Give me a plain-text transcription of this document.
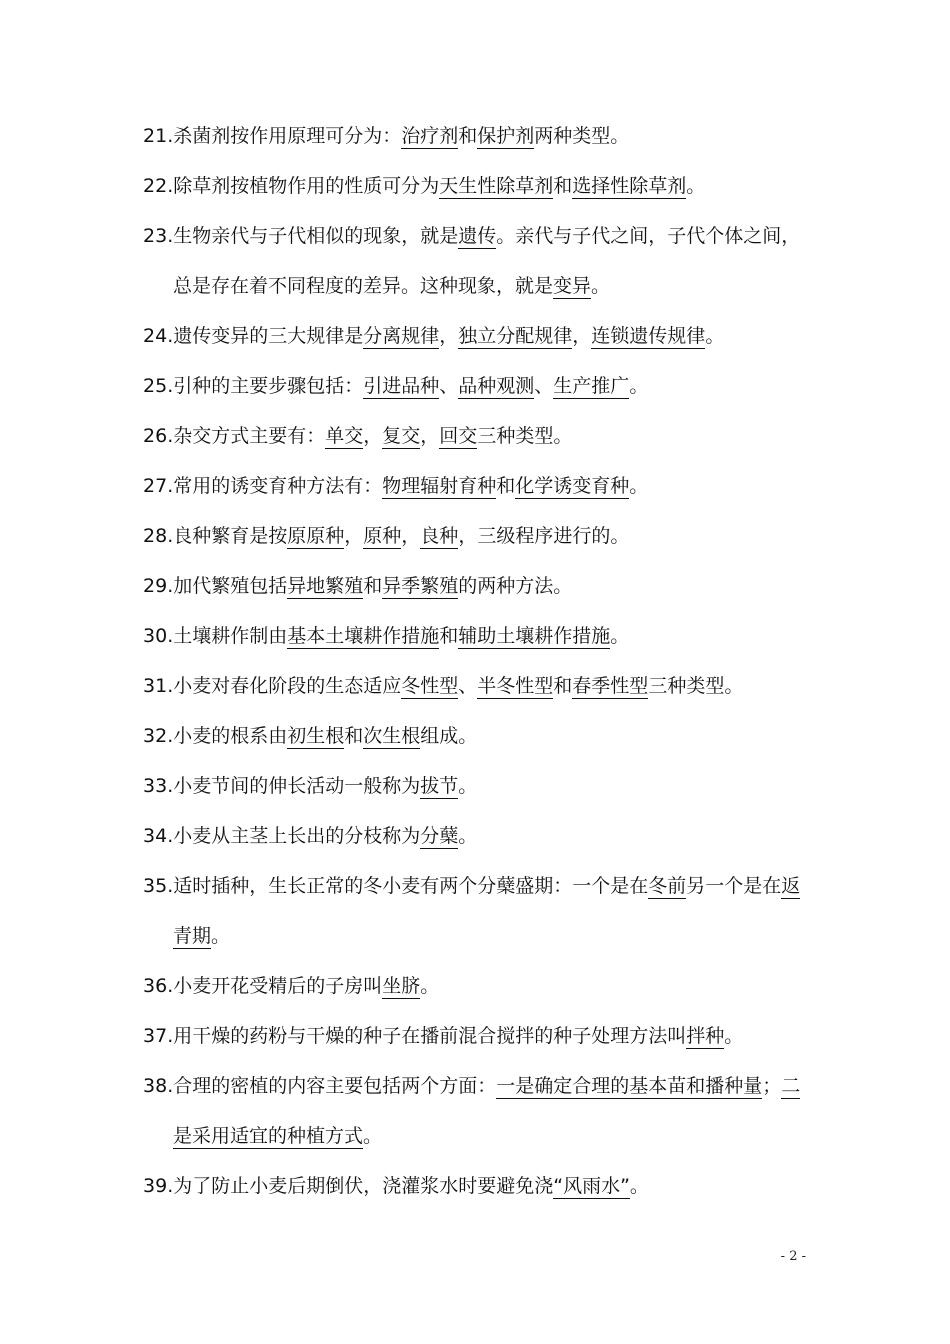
21.杀菌剂按作用原理可分为：治疗剂和保护剂两种类型。
22.除草剂按植物作用的性质可分为天生性除草剂和选择性除草剂。
23.生物亲代与子代相似的现象，就是遗传。亲代与子代之间，子代个体之间，
总是存在着不同程度的差异。这种现象，就是变异。
24.遗传变异的三大规律是分离规律，独立分配规律，连锁遗传规律。
25.引种的主要步骤包括：引进品种、品种观测、生产推广。
26.杂交方式主要有：单交，复交，回交三种类型。
27.常用的诱变育种方法有：物理辐射育种和化学诱变育种。
28.良种繁育是按原原种，原种，良种，三级程序进行的。
29.加代繁殖包括异地繁殖和异季繁殖的两种方法。
30.土壤耕作制由基本土壤耕作措施和辅助土壤耕作措施。
31.小麦对春化阶段的生态适应冬性型、半冬性型和春季性型三种类型。
32.小麦的根系由初生根和次生根组成。
33.小麦节间的伸长活动一般称为拔节。
34.小麦从主茎上长出的分枝称为分蘖。
35.适时插种，生长正常的冬小麦有两个分蘖盛期：一个是在冬前另一个是在返
青期。
36.小麦开花受精后的子房叫坐脐。
37.用干燥的药粉与干燥的种子在播前混合搅拌的种子处理方法叫拌种。
38.合理的密植的内容主要包括两个方面：一是确定合理的基本苗和播种量；二
是采用适宜的种植方式。
39.为了防止小麦后期倒伏，浇灌浆水时要避免浇“风雨水”。
- 2 -
